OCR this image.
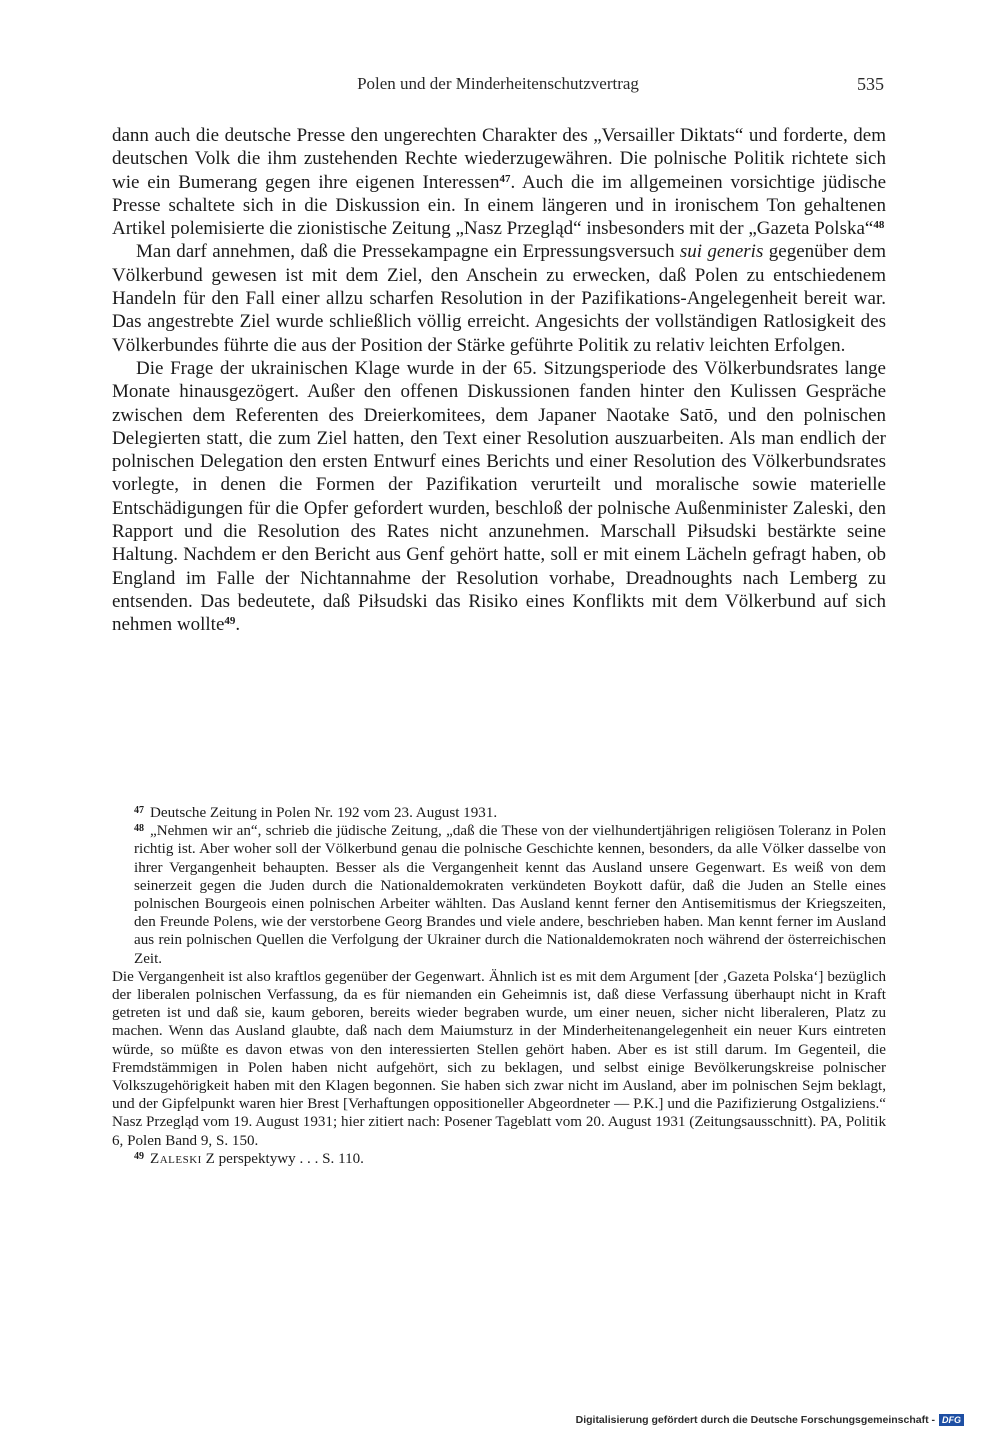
Polen und der Minderheitenschutzvertrag	535

dann auch die deutsche Presse den ungerechten Charakter des „Versailler Diktats“ und forderte, dem deutschen Volk die ihm zustehenden Rechte wiederzugewähren. Die polnische Politik richtete sich wie ein Bumerang gegen ihre eigenen Interessen$^{47}$. Auch die im allgemeinen vorsichtige jüdische Presse schaltete sich in die Diskussion ein. In einem längeren und in ironischem Ton gehaltenen Artikel polemisierte die zionistische Zeitung „Nasz Przegląd“ insbesonders mit der „Gazeta Polska“$^{48}$

Man darf annehmen, daß die Pressekampagne ein Erpressungsversuch sui generis gegenüber dem Völkerbund gewesen ist mit dem Ziel, den Anschein zu erwecken, daß Polen zu entschiedenem Handeln für den Fall einer allzu scharfen Resolution in der Pazifikations-Angelegenheit bereit war. Das angestrebte Ziel wurde schließlich völlig erreicht. Angesichts der vollständigen Ratlosigkeit des Völkerbundes führte die aus der Position der Stärke geführte Politik zu relativ leichten Erfolgen.

Die Frage der ukrainischen Klage wurde in der 65. Sitzungsperiode des Völkerbundsrates lange Monate hinausgezögert. Außer den offenen Diskussionen fanden hinter den Kulissen Gespräche zwischen dem Referenten des Dreierkomitees, dem Japaner Naotake Satō, und den polnischen Delegierten statt, die zum Ziel hatten, den Text einer Resolution auszuarbeiten. Als man endlich der polnischen Delegation den ersten Entwurf eines Berichts und einer Resolution des Völkerbundsrates vorlegte, in denen die Formen der Pazifikation verurteilt und moralische sowie materielle Entschädigungen für die Opfer gefordert wurden, beschloß der polnische Außenminister Zaleski, den Rapport und die Resolution des Rates nicht anzunehmen. Marschall Piłsudski bestärkte seine Haltung. Nachdem er den Bericht aus Genf gehört hatte, soll er mit einem Lächeln gefragt haben, ob England im Falle der Nichtannahme der Resolution vorhabe, Dreadnoughts nach Lemberg zu entsenden. Das bedeutete, daß Piłsudski das Risiko eines Konflikts mit dem Völkerbund auf sich nehmen wollte$^{49}$.

$^{47}$ Deutsche Zeitung in Polen Nr. 192 vom 23. August 1931.

$^{48}$ „Nehmen wir an“, schrieb die jüdische Zeitung, „daß die These von der vielhundertjährigen religiösen Toleranz in Polen richtig ist. Aber woher soll der Völkerbund genau die polnische Geschichte kennen, besonders, da alle Völker dasselbe von ihrer Vergangenheit behaupten. Besser als die Vergangenheit kennt das Ausland unsere Gegenwart. Es weiß von dem seinerzeit gegen die Juden durch die Nationaldemokraten verkündeten Boykott dafür, daß die Juden an Stelle eines polnischen Bourgeois einen polnischen Arbeiter wählten. Das Ausland kennt ferner den Antisemitismus der Kriegszeiten, den Freunde Polens, wie der verstorbene Georg Brandes und viele andere, beschrieben haben. Man kennt ferner im Ausland aus rein polnischen Quellen die Verfolgung der Ukrainer durch die Nationaldemokraten noch während der österreichischen Zeit.

Die Vergangenheit ist also kraftlos gegenüber der Gegenwart. Ähnlich ist es mit dem Argument [der ‚Gazeta Polska‘] bezüglich der liberalen polnischen Verfassung, da es für niemanden ein Geheimnis ist, daß diese Verfassung überhaupt nicht in Kraft getreten ist und daß sie, kaum geboren, bereits wieder begraben wurde, um einer neuen, sicher nicht liberaleren, Platz zu machen. Wenn das Ausland glaubte, daß nach dem Maiumsturz in der Minderheitenangelegenheit ein neuer Kurs eintreten würde, so müßte es davon etwas von den interessierten Stellen gehört haben. Aber es ist still darum. Im Gegenteil, die Fremdstämmigen in Polen haben nicht aufgehört, sich zu beklagen, und selbst einige Bevölkerungskreise polnischer Volkszugehörigkeit haben mit den Klagen begonnen. Sie haben sich zwar nicht im Ausland, aber im polnischen Sejm beklagt, und der Gipfelpunkt waren hier Brest [Verhaftungen oppositioneller Abgeordneter — P.K.] und die Pazifizierung Ostgaliziens.“ Nasz Przegląd vom 19. August 1931; hier zitiert nach: Posener Tageblatt vom 20. August 1931 (Zeitungsausschnitt). PA, Politik 6, Polen Band 9, S. 150.

$^{49}$ Zaleski Z perspektywy . . . S. 110.

Digitalisierung gefördert durch die Deutsche Forschungsgemeinschaft - DFG
